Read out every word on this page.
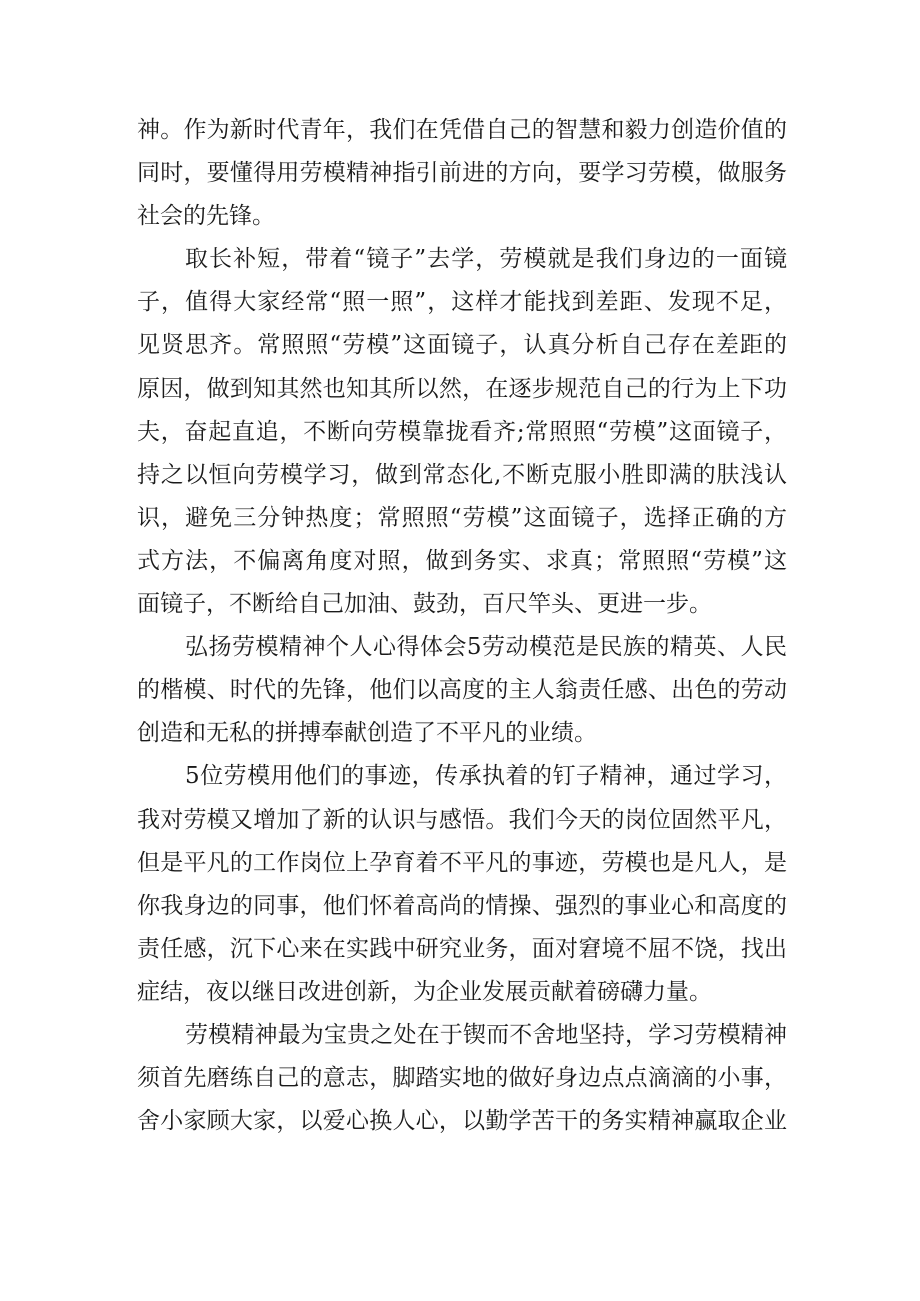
神。作为新时代青年，我们在凭借自己的智慧和毅力创造价值的
同时，要懂得用劳模精神指引前进的方向，要学习劳模，做服务
社会的先锋。
取长补短，带着“镜子”去学，劳模就是我们身边的一面镜
子，值得大家经常“照一照”，这样才能找到差距、发现不足，
见贤思齐。常照照“劳模”这面镜子，认真分析自己存在差距的
原因，做到知其然也知其所以然，在逐步规范自己的行为上下功
夫，奋起直追，不断向劳模靠拢看齐;常照照“劳模”这面镜子，
持之以恒向劳模学习，做到常态化,不断克服小胜即满的肤浅认
识，避免三分钟热度；常照照“劳模”这面镜子，选择正确的方
式方法，不偏离角度对照，做到务实、求真；常照照“劳模”这
面镜子，不断给自己加油、鼓劲，百尺竿头、更进一步。
弘扬劳模精神个人心得体会5劳动模范是民族的精英、人民
的楷模、时代的先锋，他们以高度的主人翁责任感、出色的劳动
创造和无私的拼搏奉献创造了不平凡的业绩。
5位劳模用他们的事迹，传承执着的钉子精神，通过学习，
我对劳模又增加了新的认识与感悟。我们今天的岗位固然平凡，
但是平凡的工作岗位上孕育着不平凡的事迹，劳模也是凡人，是
你我身边的同事，他们怀着高尚的情操、强烈的事业心和高度的
责任感，沉下心来在实践中研究业务，面对窘境不屈不饶，找出
症结，夜以继日改进创新，为企业发展贡献着磅礴力量。
劳模精神最为宝贵之处在于锲而不舍地坚持，学习劳模精神
须首先磨练自己的意志，脚踏实地的做好身边点点滴滴的小事，
舍小家顾大家，以爱心换人心，以勤学苦干的务实精神赢取企业
